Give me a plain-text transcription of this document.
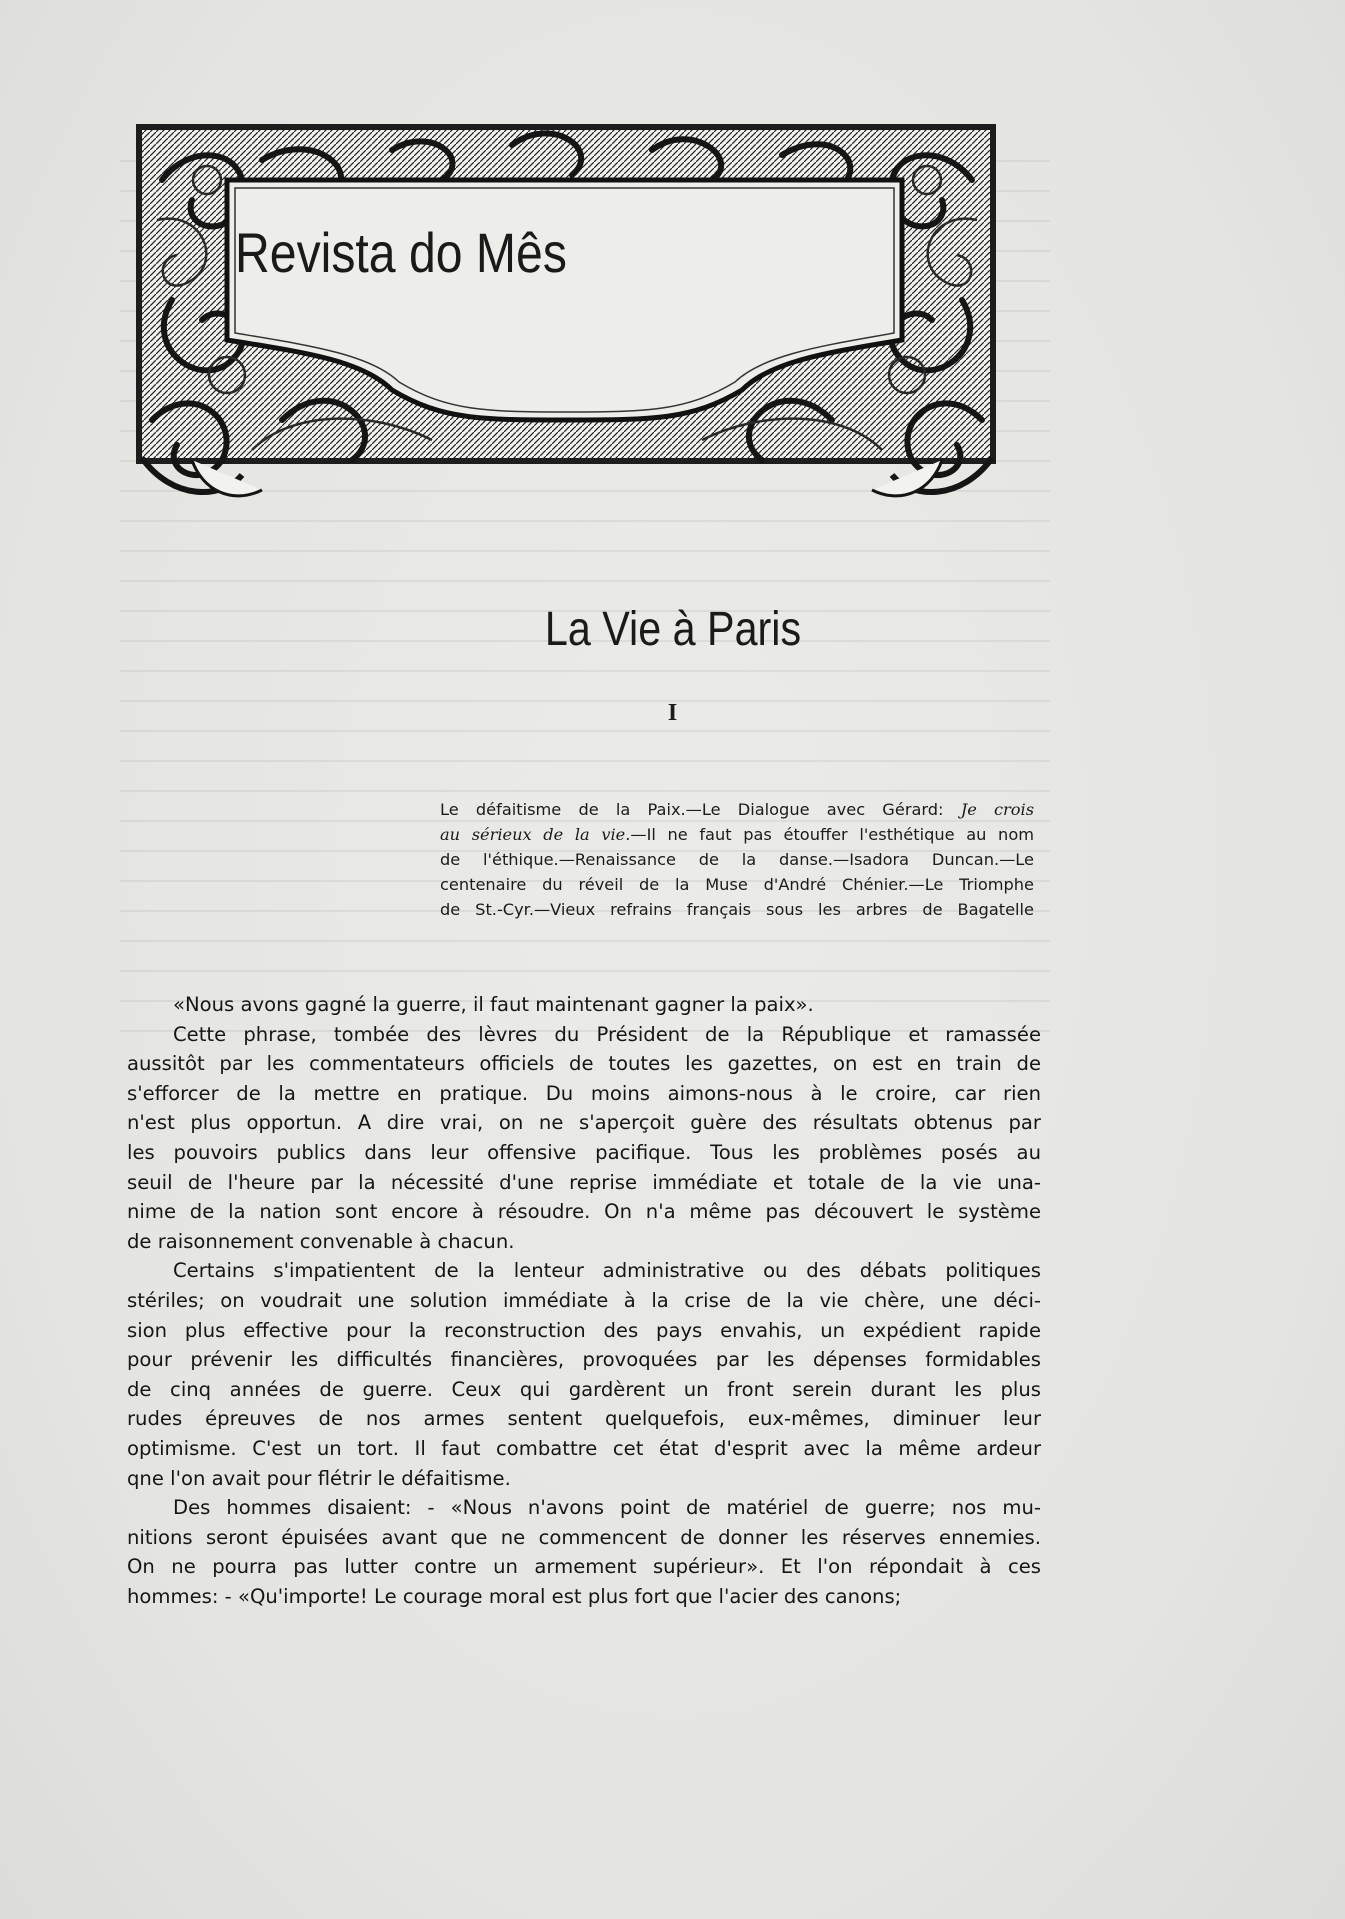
Revista do Mês
La Vie à Paris
I
Le défaitisme de la Paix.—Le Dialogue avec Gérard: Je crois
au sérieux de la vie.—Il ne faut pas étouffer l'esthétique au nom
de l'éthique.—Renaissance de la danse.—Isadora Duncan.—Le
centenaire du réveil de la Muse d'André Chénier.—Le Triomphe
de St.-Cyr.—Vieux refrains français sous les arbres de Bagatelle
«Nous avons gagné la guerre, il faut maintenant gagner la paix».
Cette phrase, tombée des lèvres du Président de la République et ramassée
aussitôt par les commentateurs officiels de toutes les gazettes, on est en train de
s'efforcer de la mettre en pratique. Du moins aimons-nous à le croire, car rien
n'est plus opportun. A dire vrai, on ne s'aperçoit guère des résultats obtenus par
les pouvoirs publics dans leur offensive pacifique. Tous les problèmes posés au
seuil de l'heure par la nécessité d'une reprise immédiate et totale de la vie una-
nime de la nation sont encore à résoudre. On n'a même pas découvert le système
de raisonnement convenable à chacun.
Certains s'impatientent de la lenteur administrative ou des débats politiques
stériles; on voudrait une solution immédiate à la crise de la vie chère, une déci-
sion plus effective pour la reconstruction des pays envahis, un expédient rapide
pour prévenir les difficultés financières, provoquées par les dépenses formidables
de cinq années de guerre. Ceux qui gardèrent un front serein durant les plus
rudes épreuves de nos armes sentent quelquefois, eux-mêmes, diminuer leur
optimisme. C'est un tort. Il faut combattre cet état d'esprit avec la même ardeur
qne l'on avait pour flétrir le défaitisme.
Des hommes disaient: - «Nous n'avons point de matériel de guerre; nos mu-
nitions seront épuisées avant que ne commencent de donner les réserves ennemies.
On ne pourra pas lutter contre un armement supérieur». Et l'on répondait à ces
hommes: - «Qu'importe! Le courage moral est plus fort que l'acier des canons;
